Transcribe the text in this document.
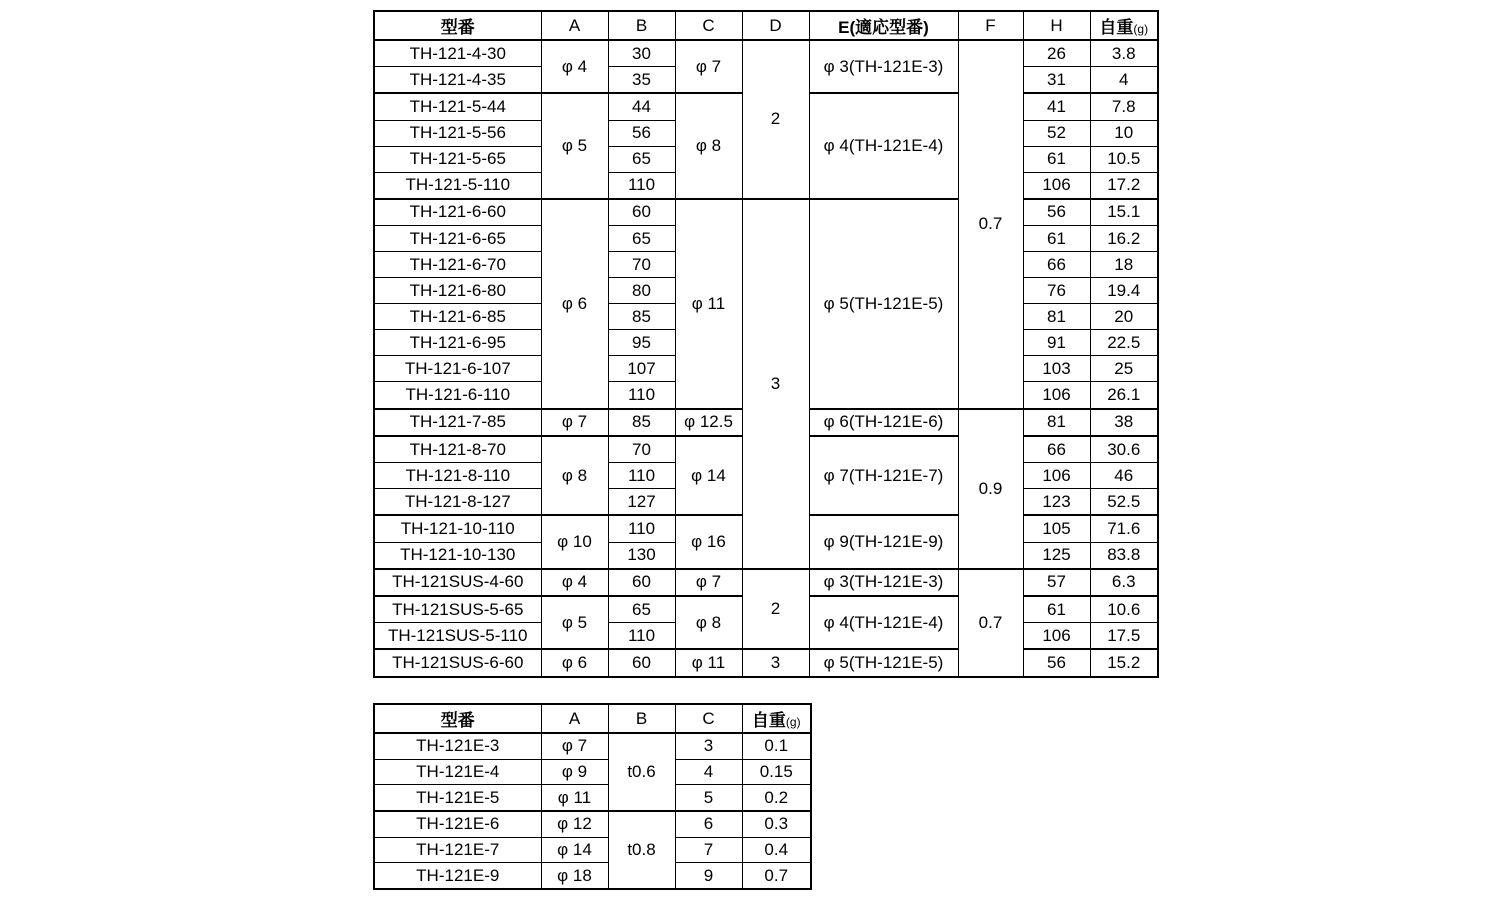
型番	A	B	C	D	E(適応型番)	F	H	自重(g)
TH-121-4-30	φ 4	30	φ 7	2	φ 3(TH-121E-3)	0.7	26	3.8
TH-121-4-35		35					31	4
TH-121-5-44	φ 5	44	φ 8		φ 4(TH-121E-4)		41	7.8
TH-121-5-56		56					52	10
TH-121-5-65		65					61	10.5
TH-121-5-110		110					106	17.2
TH-121-6-60	φ 6	60	φ 11	3	φ 5(TH-121E-5)		56	15.1
TH-121-6-65		65					61	16.2
TH-121-6-70		70					66	18
TH-121-6-80		80					76	19.4
TH-121-6-85		85					81	20
TH-121-6-95		95					91	22.5
TH-121-6-107		107					103	25
TH-121-6-110		110					106	26.1
TH-121-7-85	φ 7	85	φ 12.5		φ 6(TH-121E-6)	0.9	81	38
TH-121-8-70	φ 8	70	φ 14		φ 7(TH-121E-7)		66	30.6
TH-121-8-110		110					106	46
TH-121-8-127		127					123	52.5
TH-121-10-110	φ 10	110	φ 16		φ 9(TH-121E-9)		105	71.6
TH-121-10-130		130					125	83.8
TH-121SUS-4-60	φ 4	60	φ 7	2	φ 3(TH-121E-3)	0.7	57	6.3
TH-121SUS-5-65	φ 5	65	φ 8		φ 4(TH-121E-4)		61	10.6
TH-121SUS-5-110		110					106	17.5
TH-121SUS-6-60	φ 6	60	φ 11	3	φ 5(TH-121E-5)		56	15.2
型番	A	B	C	自重(g)
TH-121E-3	φ 7	t0.6	3	0.1
TH-121E-4	φ 9		4	0.15
TH-121E-5	φ 11		5	0.2
TH-121E-6	φ 12	t0.8	6	0.3
TH-121E-7	φ 14		7	0.4
TH-121E-9	φ 18		9	0.7
